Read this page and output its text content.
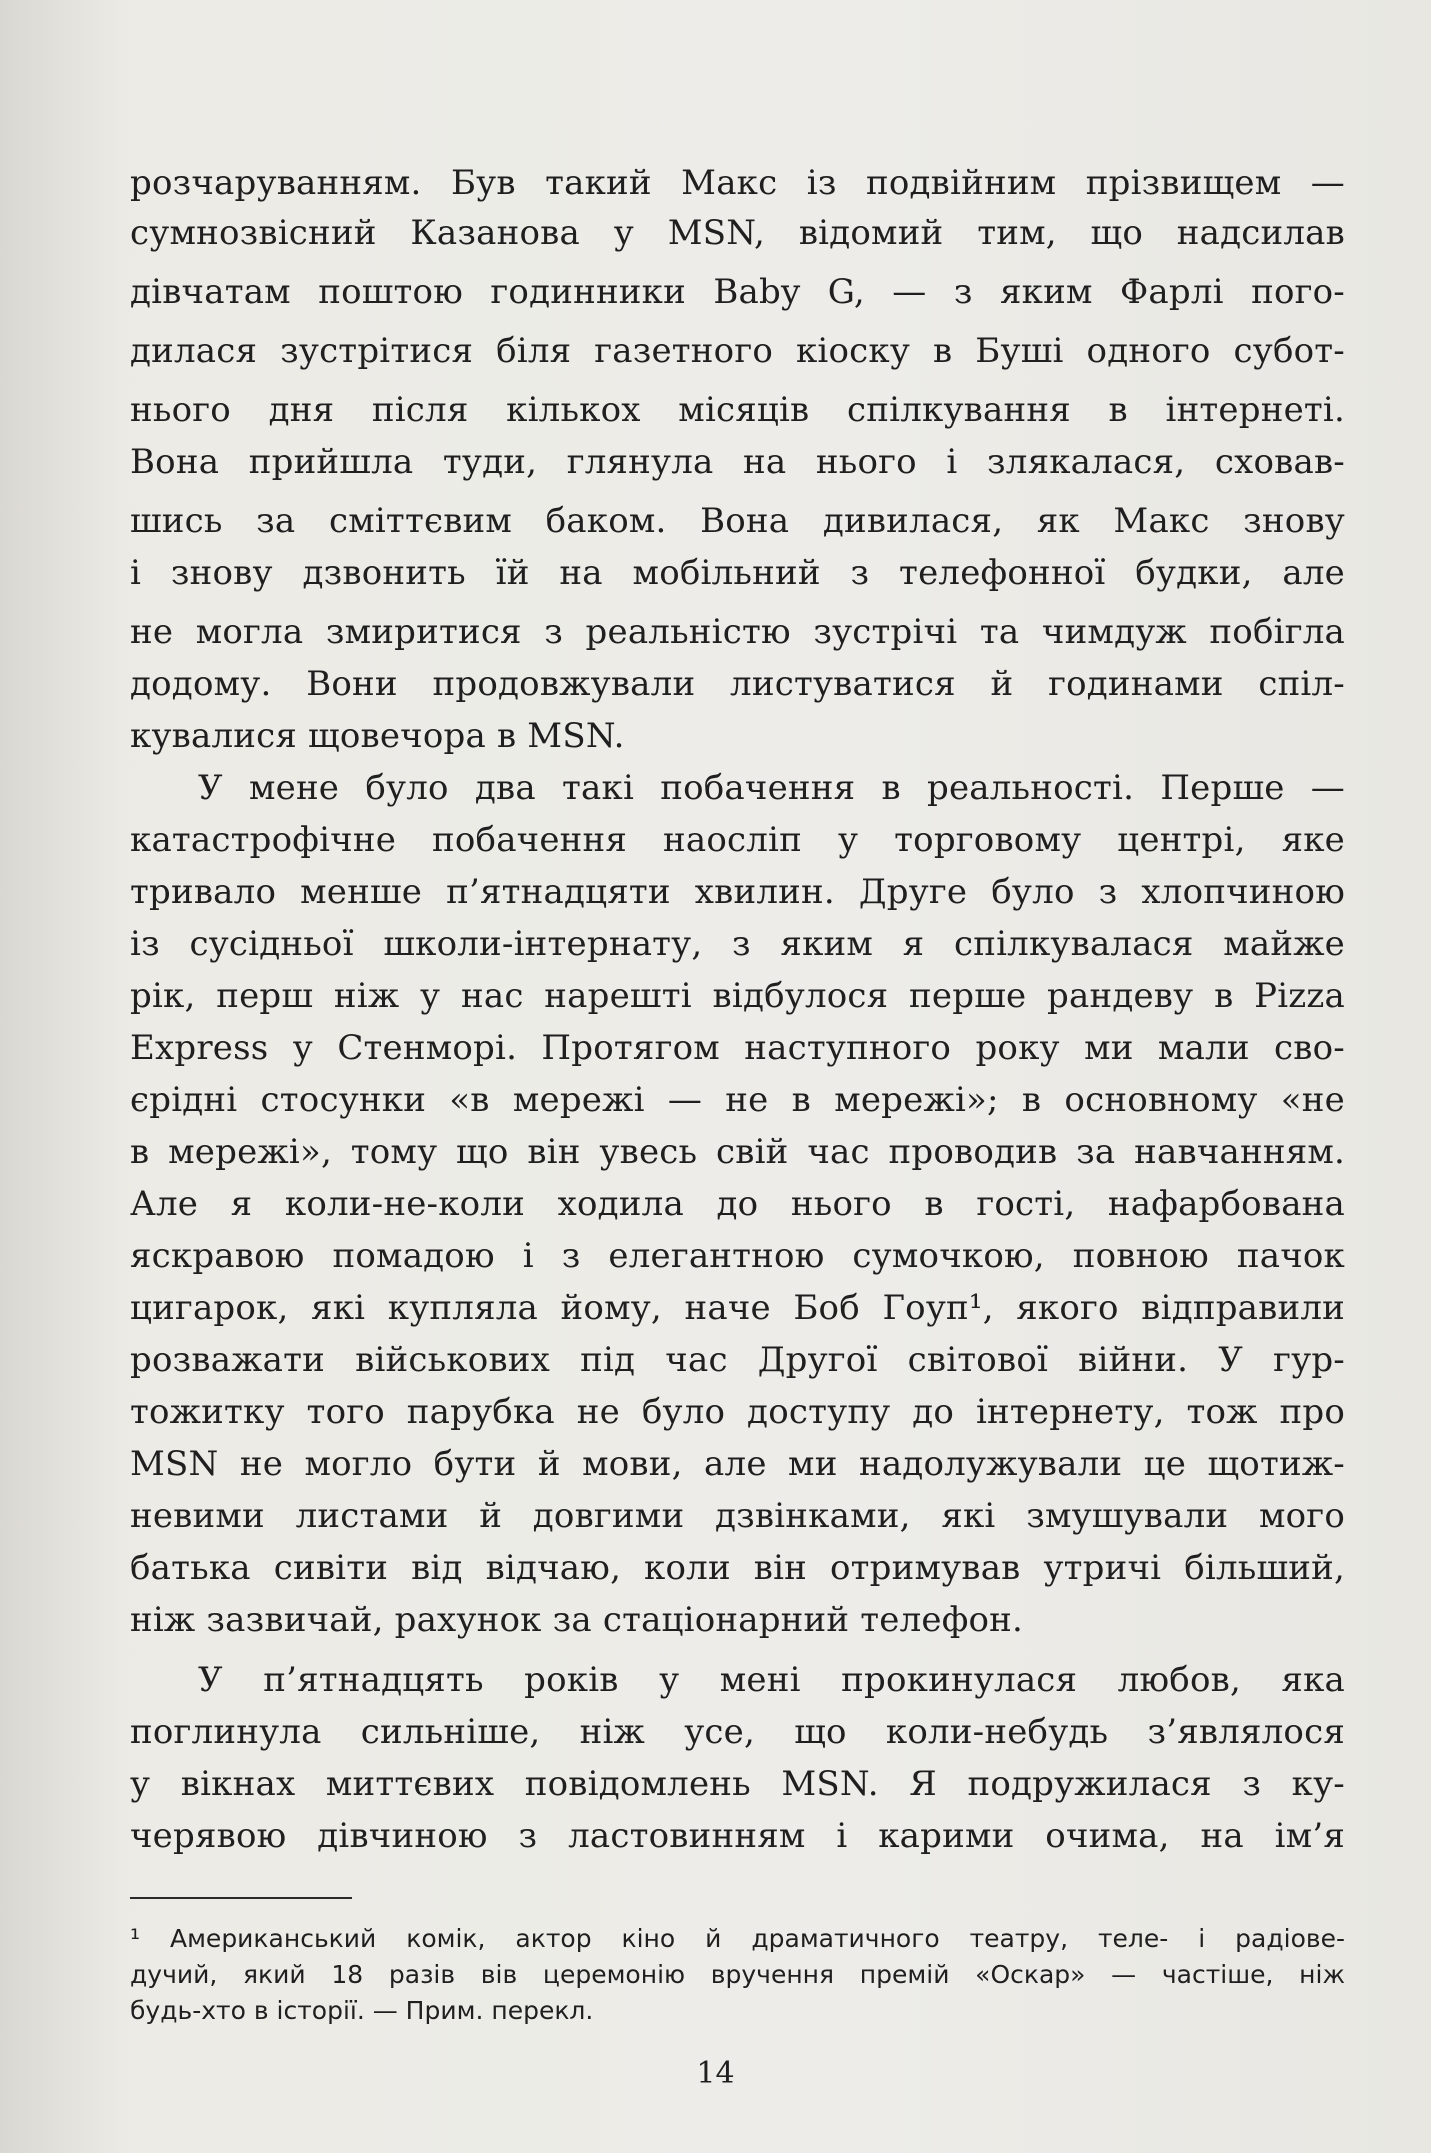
розчаруванням. Був такий Макс із подвійним прізвищем —
сумнозвісний Казанова у MSN, відомий тим, що надсилав
дівчатам поштою годинники Baby G, — з яким Фарлі пого-
дилася зустрітися біля газетного кіоску в Буші одного субот-
нього дня після кількох місяців спілкування в інтернеті.
Вона прийшла туди, глянула на нього і злякалася, сховав-
шись за сміттєвим баком. Вона дивилася, як Макс знову
і знову дзвонить їй на мобільний з телефонної будки, але
не могла змиритися з реальністю зустрічі та чимдуж побігла
додому. Вони продовжували листуватися й годинами спіл-
кувалися щовечора в MSN.
У мене було два такі побачення в реальності. Перше —
катастрофічне побачення наосліп у торговому центрі, яке
тривало менше п’ятнадцяти хвилин. Друге було з хлопчиною
із сусідньої школи-інтернату, з яким я спілкувалася майже
рік, перш ніж у нас нарешті відбулося перше рандеву в Pizza
Express у Стенморі. Протягом наступного року ми мали сво-
єрідні стосунки «в мережі — не в мережі»; в основному «не
в мережі», тому що він увесь свій час проводив за навчанням.
Але я коли-не-коли ходила до нього в гості, нафарбована
яскравою помадою і з елегантною сумочкою, повною пачок
цигарок, які купляла йому, наче Боб Гоуп¹, якого відправили
розважати військових під час Другої світової війни. У гур-
тожитку того парубка не було доступу до інтернету, тож про
MSN не могло бути й мови, але ми надолужували це щотиж-
невими листами й довгими дзвінками, які змушували мого
батька сивіти від відчаю, коли він отримував утричі більший,
ніж зазвичай, рахунок за стаціонарний телефон.
У п’ятнадцять років у мені прокинулася любов, яка
поглинула сильніше, ніж усе, що коли-небудь з’являлося
у вікнах миттєвих повідомлень MSN. Я подружилася з ку-
черявою дівчиною з ластовинням і карими очима, на ім’я
¹ Американський комік, актор кіно й драматичного театру, теле- і радіове-
дучий, який 18 разів вів церемонію вручення премій «Оскар» — частіше, ніж
будь-хто в історії. — Прим. перекл.
14
